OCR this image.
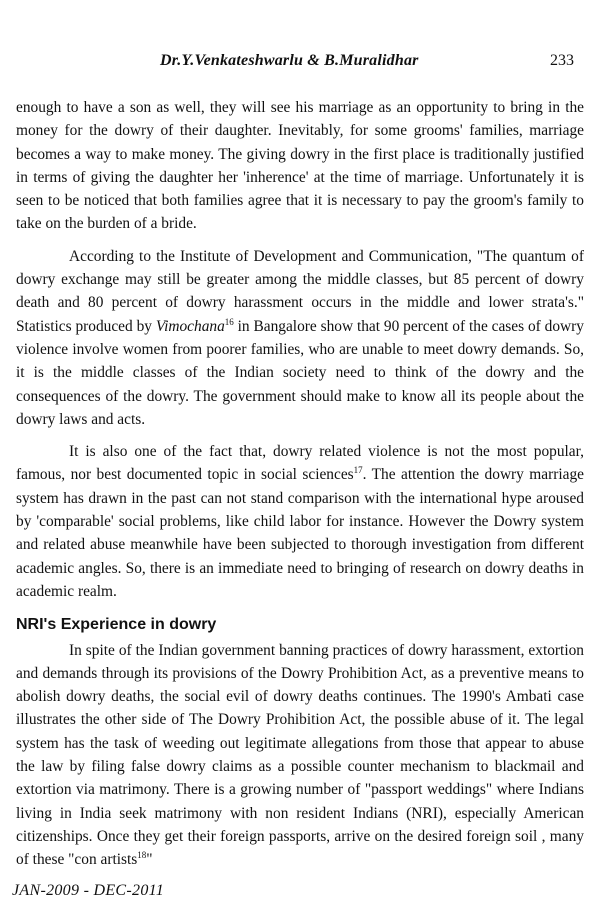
Dr.Y.Venkateshwarlu & B.Muralidhar	233

enough to have a son as well, they will see his marriage as an opportunity to bring in the money for the dowry of their daughter. Inevitably, for some grooms' families, marriage becomes a way to make money. The giving dowry in the first place is traditionally justified in terms of giving the daughter her 'inherence' at the time of marriage. Unfortunately it is seen to be noticed that both families agree that it is necessary to pay the groom's family to take on the burden of a bride.

According to the Institute of Development and Communication, "The quantum of dowry exchange may still be greater among the middle classes, but 85 percent of dowry death and 80 percent of dowry harassment occurs in the middle and lower strata's." Statistics produced by Vimochana$^{16}$ in Bangalore show that 90 percent of the cases of dowry violence involve women from poorer families, who are unable to meet dowry demands. So, it is the middle classes of the Indian society need to think of the dowry and the consequences of the dowry. The government should make to know all its people about the dowry laws and acts.

It is also one of the fact that, dowry related violence is not the most popular, famous, nor best documented topic in social sciences$^{17}$. The attention the dowry marriage system has drawn in the past can not stand comparison with the international hype aroused by 'comparable' social problems, like child labor for instance. However the Dowry system and related abuse meanwhile have been subjected to thorough investigation from different academic angles. So, there is an immediate need to bringing of research on dowry deaths in academic realm.

NRI's Experience in dowry

In spite of the Indian government banning practices of dowry harassment, extortion and demands through its provisions of the Dowry Prohibition Act, as a preventive means to abolish dowry deaths, the social evil of dowry deaths continues. The 1990's Ambati case illustrates the other side of The Dowry Prohibition Act, the possible abuse of it. The legal system has the task of weeding out legitimate allegations from those that appear to abuse the law by filing false dowry claims as a possible counter mechanism to blackmail and extortion via matrimony. There is a growing number of "passport weddings" where Indians living in India seek matrimony with non resident Indians (NRI), especially American citizenships. Once they get their foreign passports, arrive on the desired foreign soil , many of these "con artists$^{18}$"

JAN-2009 - DEC-2011
